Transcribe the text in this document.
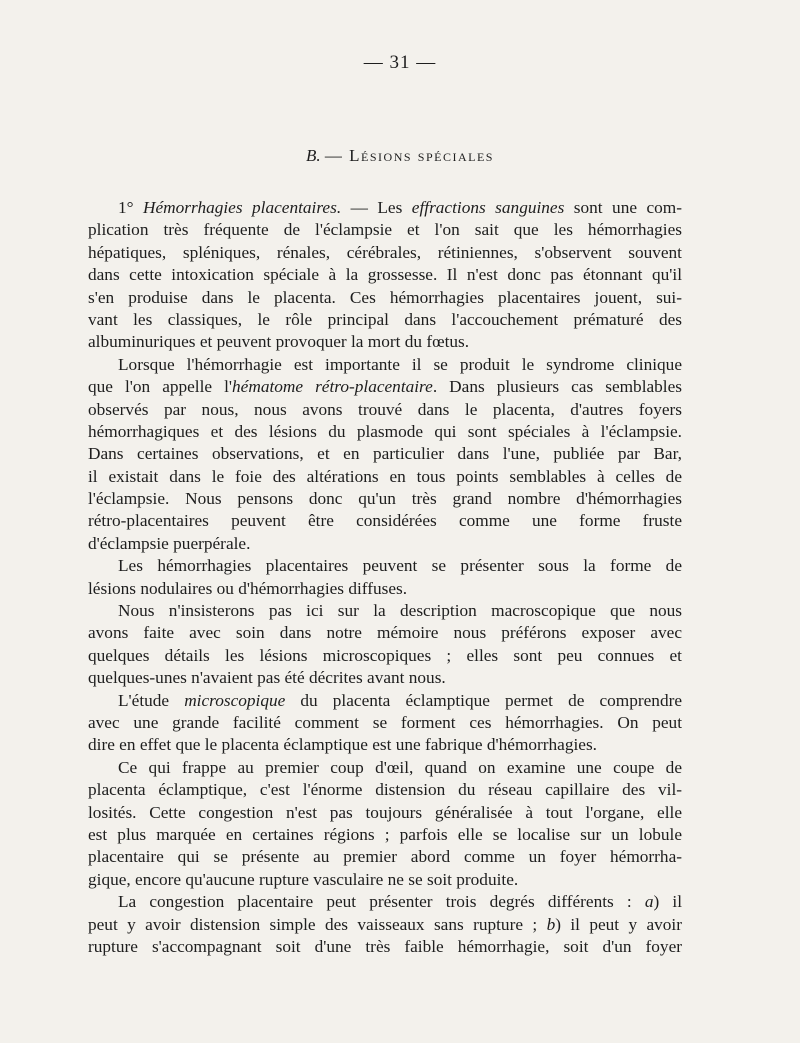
— 31 —
B. — Lésions spéciales
1° Hémorrhagies placentaires. — Les effractions sanguines sont une com-
plication très fréquente de l'éclampsie et l'on sait que les hémorrhagies
hépatiques, spléniques, rénales, cérébrales, rétiniennes, s'observent souvent
dans cette intoxication spéciale à la grossesse. Il n'est donc pas étonnant qu'il
s'en produise dans le placenta. Ces hémorrhagies placentaires jouent, sui-
vant les classiques, le rôle principal dans l'accouchement prématuré des
albuminuriques et peuvent provoquer la mort du fœtus.
Lorsque l'hémorrhagie est importante il se produit le syndrome clinique
que l'on appelle l'hématome rétro-placentaire. Dans plusieurs cas semblables
observés par nous, nous avons trouvé dans le placenta, d'autres foyers
hémorrhagiques et des lésions du plasmode qui sont spéciales à l'éclampsie.
Dans certaines observations, et en particulier dans l'une, publiée par Bar,
il existait dans le foie des altérations en tous points semblables à celles de
l'éclampsie. Nous pensons donc qu'un très grand nombre d'hémorrhagies
rétro-placentaires peuvent être considérées comme une forme fruste
d'éclampsie puerpérale.
Les hémorrhagies placentaires peuvent se présenter sous la forme de
lésions nodulaires ou d'hémorrhagies diffuses.
Nous n'insisterons pas ici sur la description macroscopique que nous
avons faite avec soin dans notre mémoire nous préférons exposer avec
quelques détails les lésions microscopiques ; elles sont peu connues et
quelques-unes n'avaient pas été décrites avant nous.
L'étude microscopique du placenta éclamptique permet de comprendre
avec une grande facilité comment se forment ces hémorrhagies. On peut
dire en effet que le placenta éclamptique est une fabrique d'hémorrhagies.
Ce qui frappe au premier coup d'œil, quand on examine une coupe de
placenta éclamptique, c'est l'énorme distension du réseau capillaire des vil-
losités. Cette congestion n'est pas toujours généralisée à tout l'organe, elle
est plus marquée en certaines régions ; parfois elle se localise sur un lobule
placentaire qui se présente au premier abord comme un foyer hémorrha-
gique, encore qu'aucune rupture vasculaire ne se soit produite.
La congestion placentaire peut présenter trois degrés différents : a) il
peut y avoir distension simple des vaisseaux sans rupture ; b) il peut y avoir
rupture s'accompagnant soit d'une très faible hémorrhagie, soit d'un foyer
